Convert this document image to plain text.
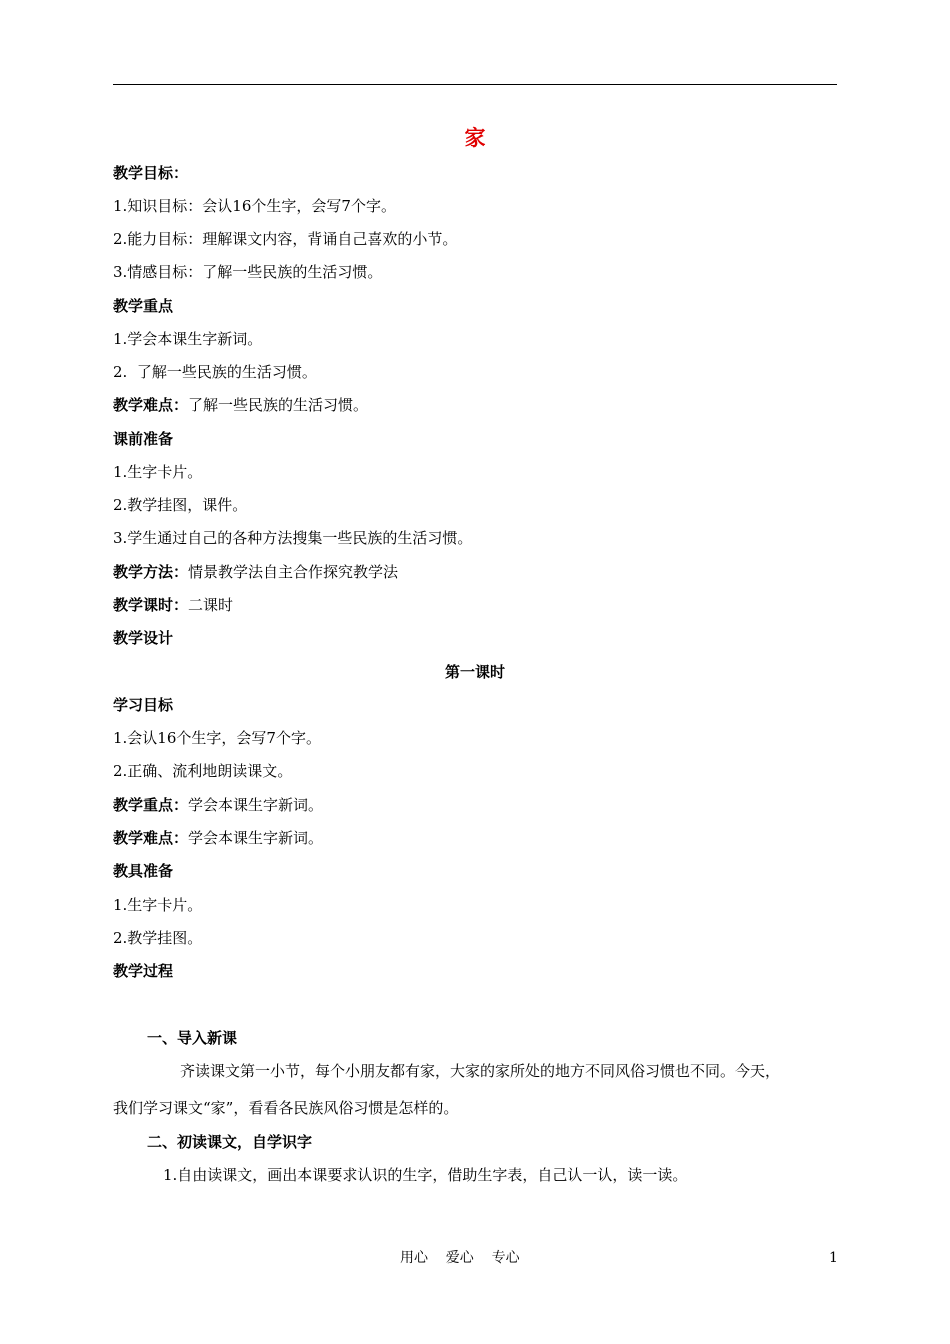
家
教学目标：
1.知识目标：会认16个生字，会写7个字。
2.能力目标：理解课文内容，背诵自己喜欢的小节。
3.情感目标：了解一些民族的生活习惯。
教学重点
1.学会本课生字新词。
2.  了解一些民族的生活习惯。
教学难点：了解一些民族的生活习惯。
课前准备
1.生字卡片。
2.教学挂图，课件。
3.学生通过自己的各种方法搜集一些民族的生活习惯。
教学方法：情景教学法自主合作探究教学法
教学课时：二课时
教学设计
第一课时
学习目标
1.会认16个生字，会写7个字。
2.正确、流利地朗读课文。
教学重点：学会本课生字新词。
教学难点：学会本课生字新词。
教具准备
1.生字卡片。
2.教学挂图。
教学过程
一、导入新课
齐读课文第一小节，每个小朋友都有家，大家的家所处的地方不同风俗习惯也不同。今天，
我们学习课文“家”，看看各民族风俗习惯是怎样的。
二、初读课文，自学识字
1.自由读课文，画出本课要求认识的生字，借助生字表，自己认一认，读一读。
用心    爱心    专心	1
